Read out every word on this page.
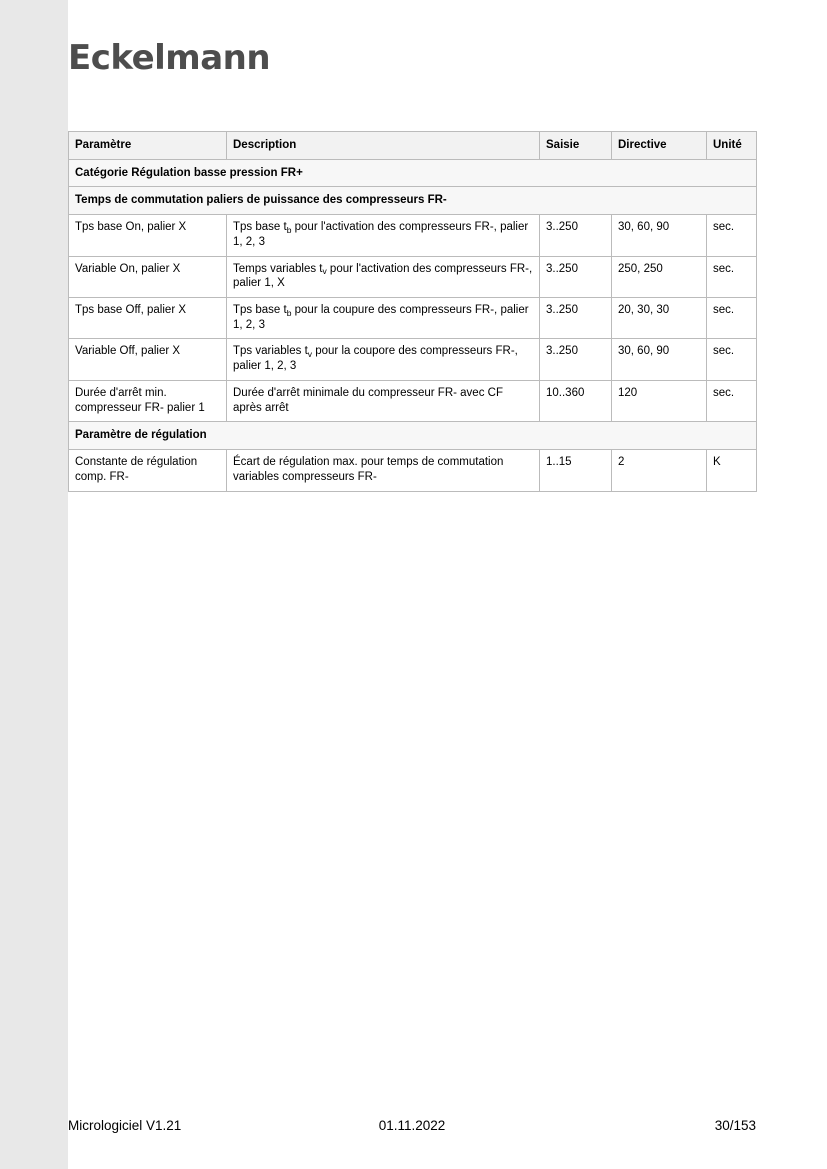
Eckelmann
Paramètre	Description	Saisie	Directive	Unité
Catégorie Régulation basse pression FR+				
Temps de commutation paliers de puissance des compresseurs FR-				
Tps base On, palier X	Tps base $t_b$ pour l'activation des compresseurs FR-, palier 1, 2, 3	3..250	30, 60, 90	sec.
Variable On, palier X	Temps variables $t_v$ pour l'activation des compresseurs FR-, palier 1, X	3..250	250, 250	sec.
Tps base Off, palier X	Tps base $t_b$ pour la coupure des compresseurs FR-, palier 1, 2, 3	3..250	20, 30, 30	sec.
Variable Off, palier X	Tps variables $t_v$ pour la coupore des compresseurs FR-, palier 1, 2, 3	3..250	30, 60, 90	sec.
Durée d'arrêt min. compresseur FR- palier 1	Durée d'arrêt minimale du compresseur FR- avec CF après arrêt	10..360	120	sec.
Paramètre de régulation				
Constante de régulation comp. FR-	Écart de régulation max. pour temps de commutation variables compresseurs FR-	1..15	2	K
Micrologiciel V1.21	01.11.2022	30/153
